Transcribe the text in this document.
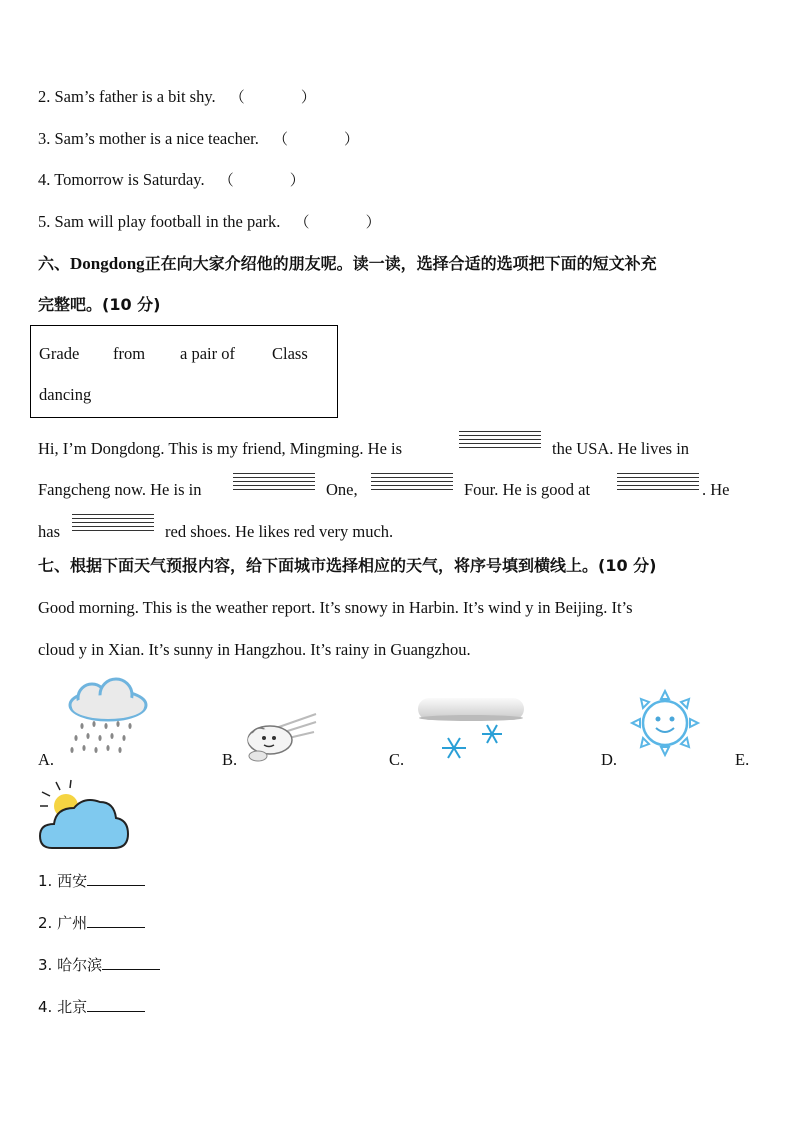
2. Sam’s father is a bit shy. （	）
3. Sam’s mother is a nice teacher. （	）
4. Tomorrow is Saturday. （	）
5. Sam will play football in the park. （	）
六、Dongdong正在向大家介绍他的朋友呢。读一读，选择合适的选项把下面的短文补充
完整吧。(10 分)
Grade from a pair of Class
dancing
Hi, I’m Dongdong. This is my friend, Mingming. He is	the USA. He lives in
Fangcheng now. He is in	One,	Four. He is good at	. He
has	red shoes. He likes red very much.
七、根据下面天气预报内容，给下面城市选择相应的天气，将序号填到横线上。(10 分)
Good morning. This is the weather report. It’s snowy in Harbin. It’s wind y in Beijing. It’s
cloud y in Xian. It’s sunny in Hangzhou. It’s rainy in Guangzhou.
A.	B.	C.	D.	E.
1. 西安
2. 广州
3. 哈尔滨
4. 北京
